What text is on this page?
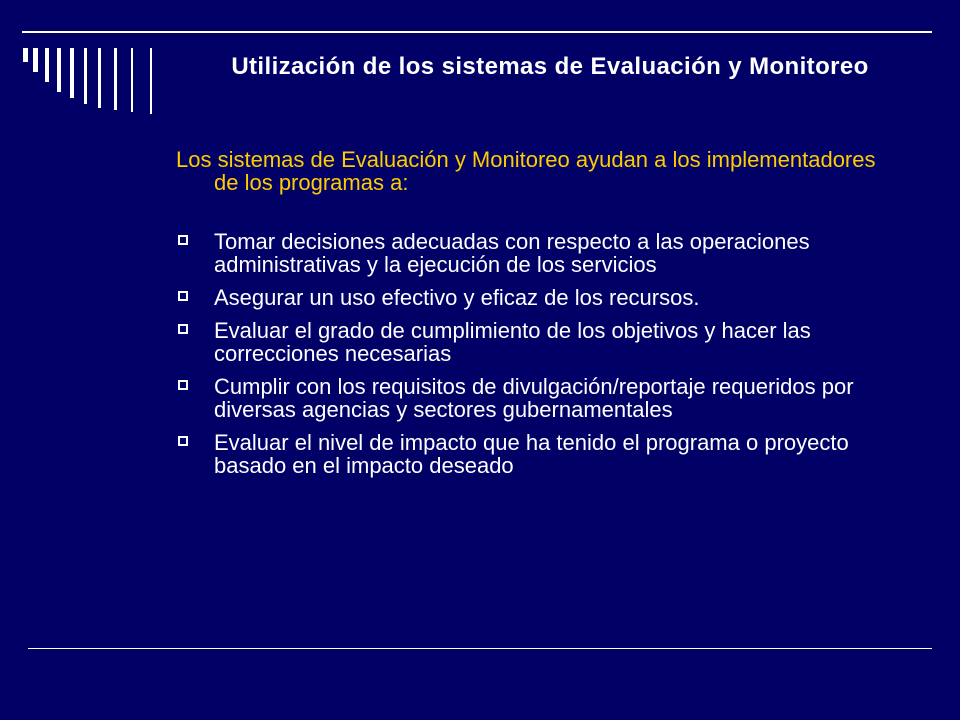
Utilización de los sistemas de Evaluación y Monitoreo

Los sistemas de Evaluación y Monitoreo ayudan a los implementadores de los programas a:

Tomar decisiones adecuadas con respecto a las operaciones administrativas y la ejecución de los servicios
Asegurar un uso efectivo y eficaz de los recursos.
Evaluar el grado de cumplimiento de los objetivos y hacer las correcciones necesarias
Cumplir con los requisitos de divulgación/reportaje requeridos por diversas agencias y sectores gubernamentales
Evaluar el nivel de impacto que ha tenido el programa o proyecto basado en el impacto deseado
